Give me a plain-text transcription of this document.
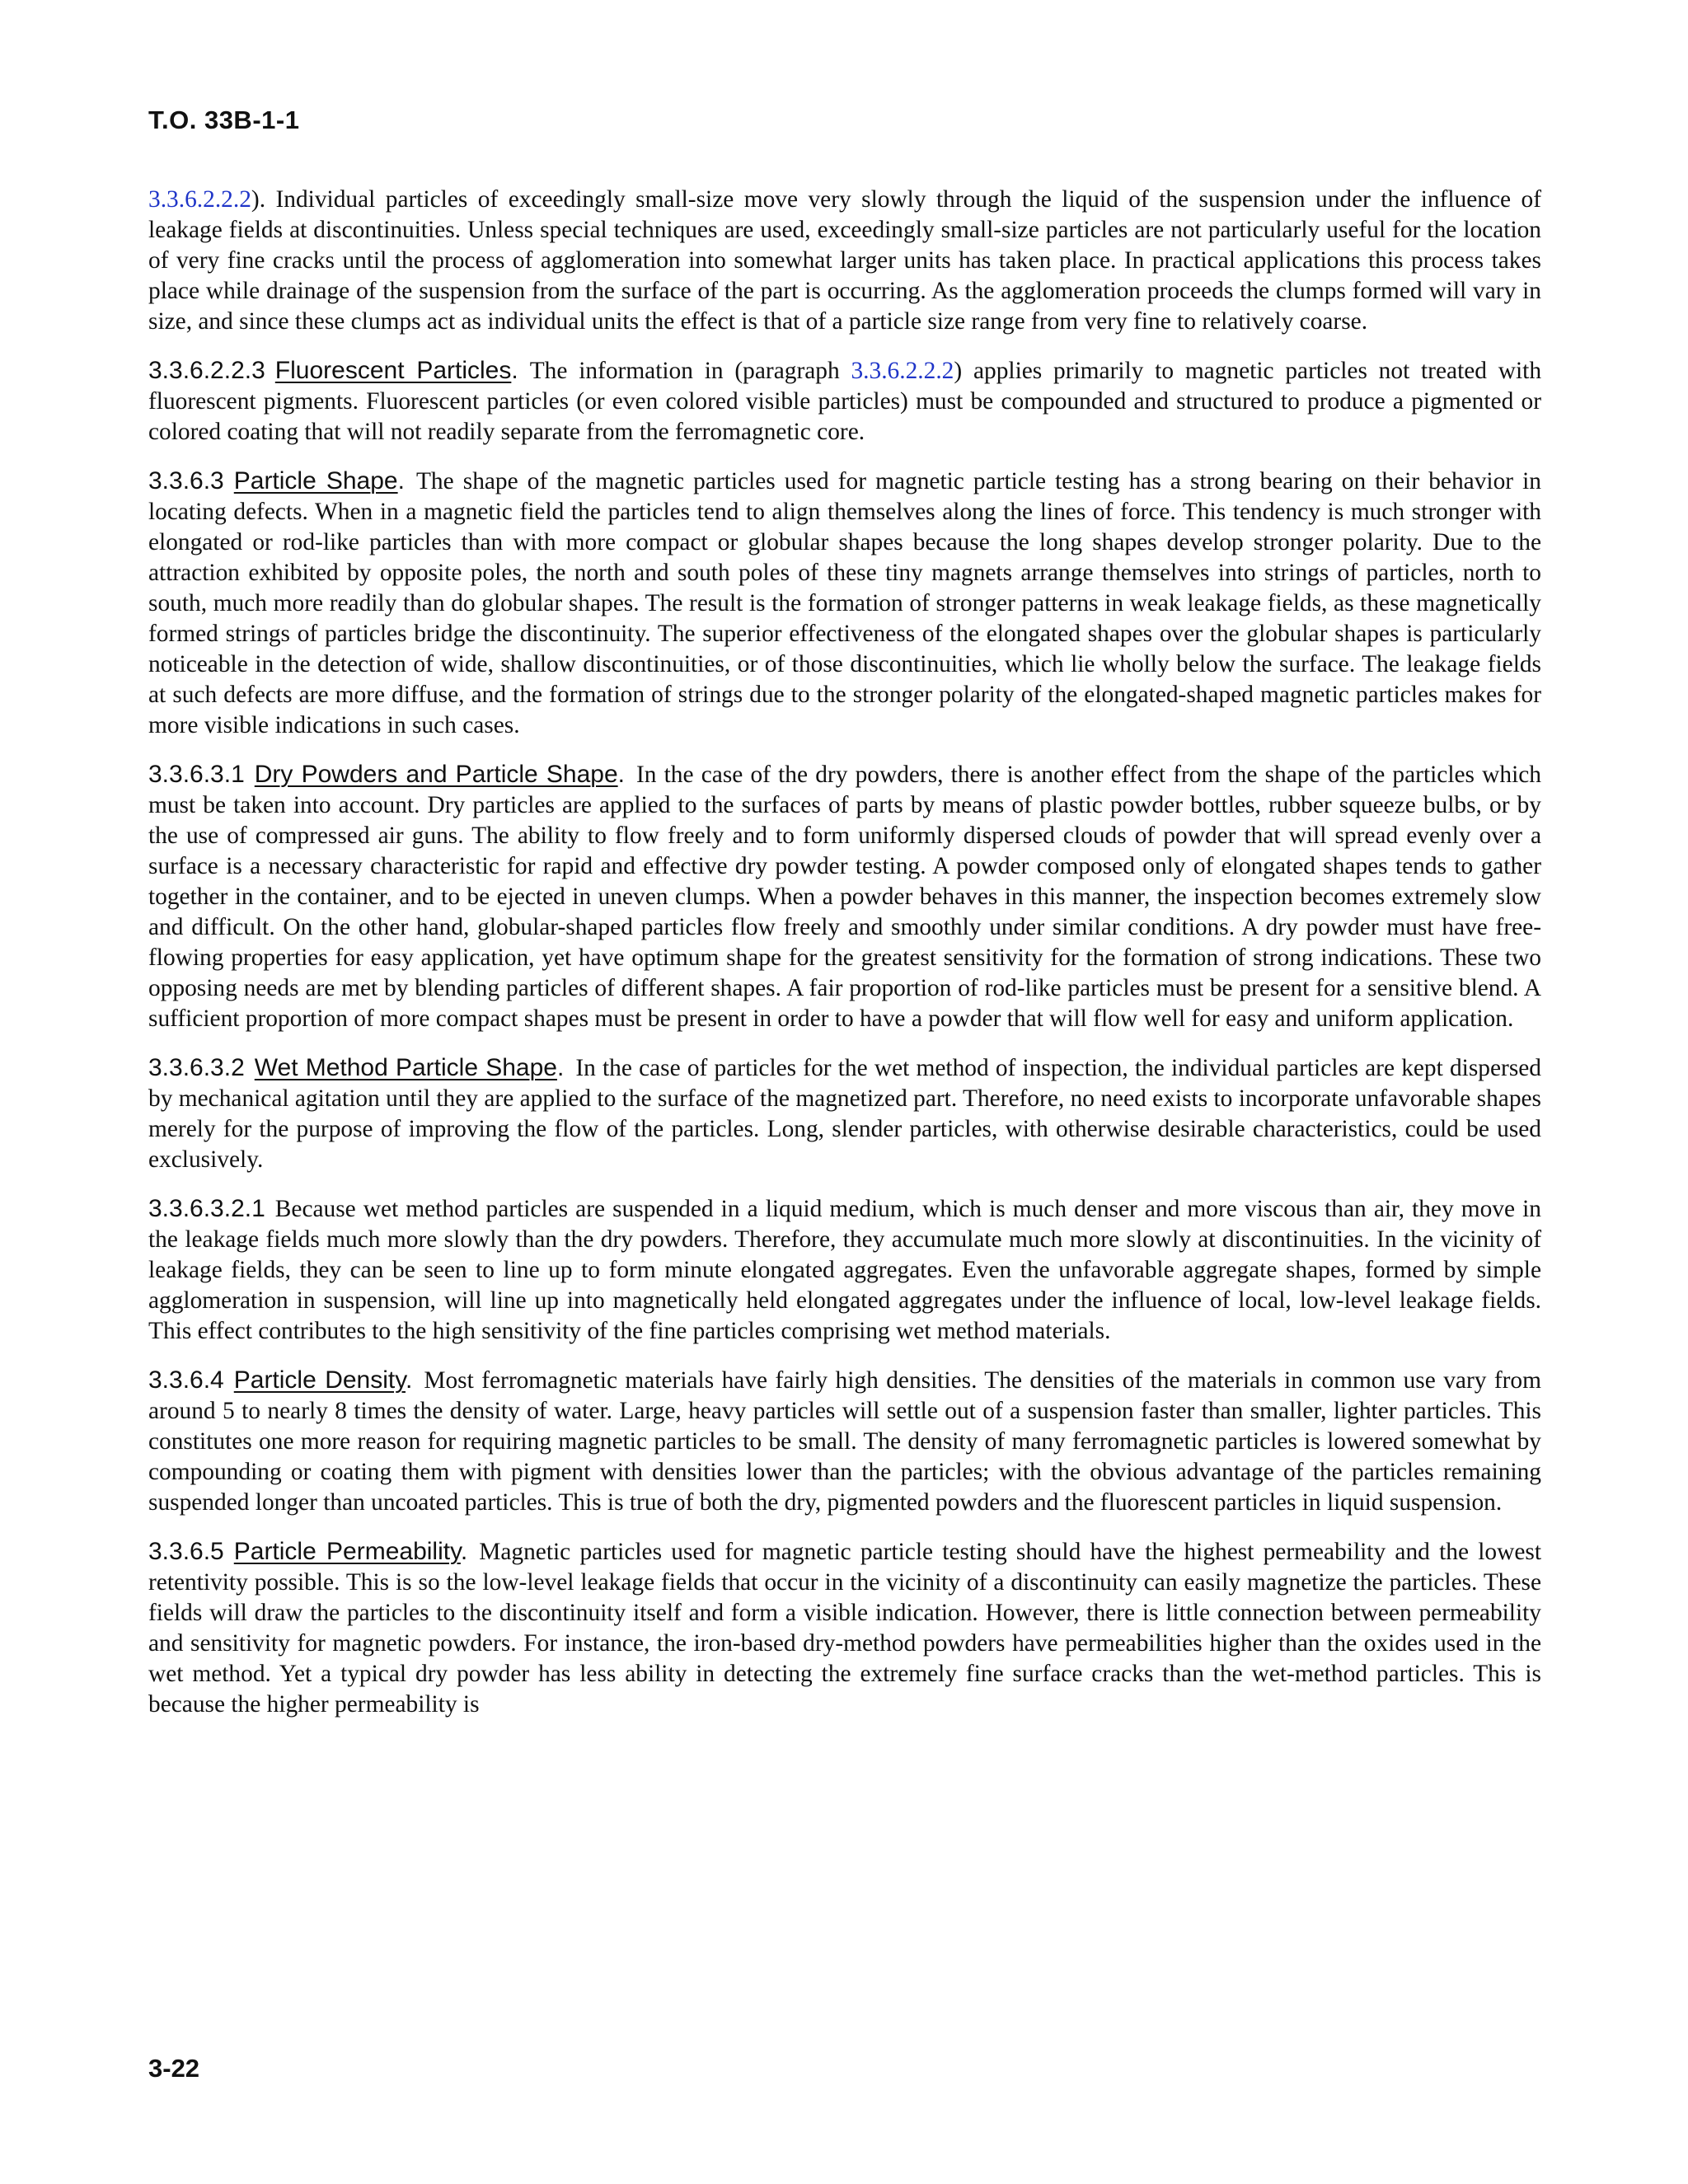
T.O. 33B-1-1

3.3.6.2.2.2). Individual particles of exceedingly small-size move very slowly through the liquid of the suspension under the influence of leakage fields at discontinuities. Unless special techniques are used, exceedingly small-size particles are not particularly useful for the location of very fine cracks until the process of agglomeration into somewhat larger units has taken place. In practical applications this process takes place while drainage of the suspension from the surface of the part is occurring. As the agglomeration proceeds the clumps formed will vary in size, and since these clumps act as individual units the effect is that of a particle size range from very fine to relatively coarse.

3.3.6.2.2.3 Fluorescent Particles. The information in (paragraph 3.3.6.2.2.2) applies primarily to magnetic particles not treated with fluorescent pigments. Fluorescent particles (or even colored visible particles) must be compounded and structured to produce a pigmented or colored coating that will not readily separate from the ferromagnetic core.

3.3.6.3 Particle Shape. The shape of the magnetic particles used for magnetic particle testing has a strong bearing on their behavior in locating defects. When in a magnetic field the particles tend to align themselves along the lines of force. This tendency is much stronger with elongated or rod-like particles than with more compact or globular shapes because the long shapes develop stronger polarity. Due to the attraction exhibited by opposite poles, the north and south poles of these tiny magnets arrange themselves into strings of particles, north to south, much more readily than do globular shapes. The result is the formation of stronger patterns in weak leakage fields, as these magnetically formed strings of particles bridge the discontinuity. The superior effectiveness of the elongated shapes over the globular shapes is particularly noticeable in the detection of wide, shallow discontinuities, or of those discontinuities, which lie wholly below the surface. The leakage fields at such defects are more diffuse, and the formation of strings due to the stronger polarity of the elongated-shaped magnetic particles makes for more visible indications in such cases.

3.3.6.3.1 Dry Powders and Particle Shape. In the case of the dry powders, there is another effect from the shape of the particles which must be taken into account. Dry particles are applied to the surfaces of parts by means of plastic powder bottles, rubber squeeze bulbs, or by the use of compressed air guns. The ability to flow freely and to form uniformly dispersed clouds of powder that will spread evenly over a surface is a necessary characteristic for rapid and effective dry powder testing. A powder composed only of elongated shapes tends to gather together in the container, and to be ejected in uneven clumps. When a powder behaves in this manner, the inspection becomes extremely slow and difficult. On the other hand, globular-shaped particles flow freely and smoothly under similar conditions. A dry powder must have free-flowing properties for easy application, yet have optimum shape for the greatest sensitivity for the formation of strong indications. These two opposing needs are met by blending particles of different shapes. A fair proportion of rod-like particles must be present for a sensitive blend. A sufficient proportion of more compact shapes must be present in order to have a powder that will flow well for easy and uniform application.

3.3.6.3.2 Wet Method Particle Shape. In the case of particles for the wet method of inspection, the individual particles are kept dispersed by mechanical agitation until they are applied to the surface of the magnetized part. Therefore, no need exists to incorporate unfavorable shapes merely for the purpose of improving the flow of the particles. Long, slender particles, with otherwise desirable characteristics, could be used exclusively.

3.3.6.3.2.1 Because wet method particles are suspended in a liquid medium, which is much denser and more viscous than air, they move in the leakage fields much more slowly than the dry powders. Therefore, they accumulate much more slowly at discontinuities. In the vicinity of leakage fields, they can be seen to line up to form minute elongated aggregates. Even the unfavorable aggregate shapes, formed by simple agglomeration in suspension, will line up into magnetically held elongated aggregates under the influence of local, low-level leakage fields. This effect contributes to the high sensitivity of the fine particles comprising wet method materials.

3.3.6.4 Particle Density. Most ferromagnetic materials have fairly high densities. The densities of the materials in common use vary from around 5 to nearly 8 times the density of water. Large, heavy particles will settle out of a suspension faster than smaller, lighter particles. This constitutes one more reason for requiring magnetic particles to be small. The density of many ferromagnetic particles is lowered somewhat by compounding or coating them with pigment with densities lower than the particles; with the obvious advantage of the particles remaining suspended longer than uncoated particles. This is true of both the dry, pigmented powders and the fluorescent particles in liquid suspension.

3.3.6.5 Particle Permeability. Magnetic particles used for magnetic particle testing should have the highest permeability and the lowest retentivity possible. This is so the low-level leakage fields that occur in the vicinity of a discontinuity can easily magnetize the particles. These fields will draw the particles to the discontinuity itself and form a visible indication. However, there is little connection between permeability and sensitivity for magnetic powders. For instance, the iron-based dry-method powders have permeabilities higher than the oxides used in the wet method. Yet a typical dry powder has less ability in detecting the extremely fine surface cracks than the wet-method particles. This is because the higher permeability is

3-22
